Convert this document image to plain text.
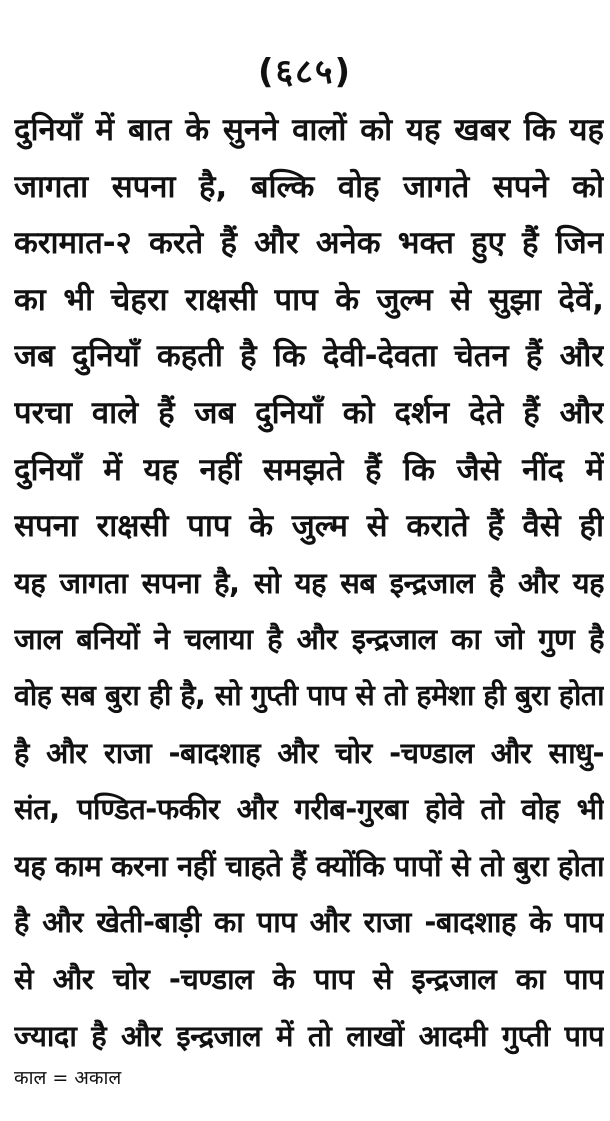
(६८५)
दुनियाँ में बात के सुनने वालों को यह खबर कि यह
जागता सपना है, बल्कि वोह जागते सपने को
करामात-२ करते हैं और अनेक भक्त हुए हैं जिन
का भी चेहरा राक्षसी पाप के जुल्म से सुझा देवें,
जब दुनियाँ कहती है कि देवी-देवता चेतन हैं और
परचा वाले हैं जब दुनियाँ को दर्शन देते हैं और
दुनियाँ में यह नहीं समझते हैं कि जैसे नींद में
सपना राक्षसी पाप के जुल्म से कराते हैं वैसे ही
यह जागता सपना है, सो यह सब इन्द्रजाल है और यह
जाल बनियों ने चलाया है और इन्द्रजाल का जो गुण है
वोह सब बुरा ही है, सो गुप्ती पाप से तो हमेशा ही बुरा होता
है और राजा -बादशाह और चोर -चण्डाल और साधु-
संत, पण्डित-फकीर और गरीब-गुरबा होवे तो वोह भी
यह काम करना नहीं चाहते हैं क्योंकि पापों से तो बुरा होता
है और खेती-बाड़ी का पाप और राजा -बादशाह के पाप
से और चोर -चण्डाल के पाप से इन्द्रजाल का पाप
ज्यादा है और इन्द्रजाल में तो लाखों आदमी गुप्ती पाप
काल = अकाल
